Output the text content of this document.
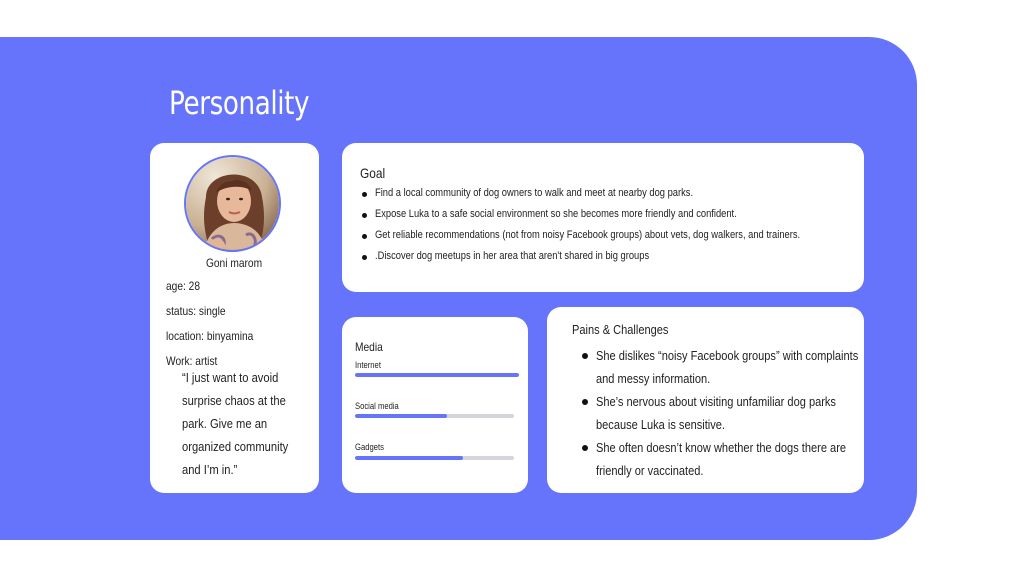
Personality
Goni marom
age: 28
status: single
location: binyamina
Work: artist
“I just want to avoid
surprise chaos at the
park. Give me an
organized community
and I’m in.”
Goal
Find a local community of dog owners to walk and meet at nearby dog parks.
Expose Luka to a safe social environment so she becomes more friendly and confident.
Get reliable recommendations (not from noisy Facebook groups) about vets, dog walkers, and trainers.
.Discover dog meetups in her area that aren't shared in big groups
Media
Internet
Social media
Gadgets
Pains & Challenges
She dislikes “noisy Facebook groups” with complaints
and messy information.
She’s nervous about visiting unfamiliar dog parks
because Luka is sensitive.
She often doesn’t know whether the dogs there are
friendly or vaccinated.
